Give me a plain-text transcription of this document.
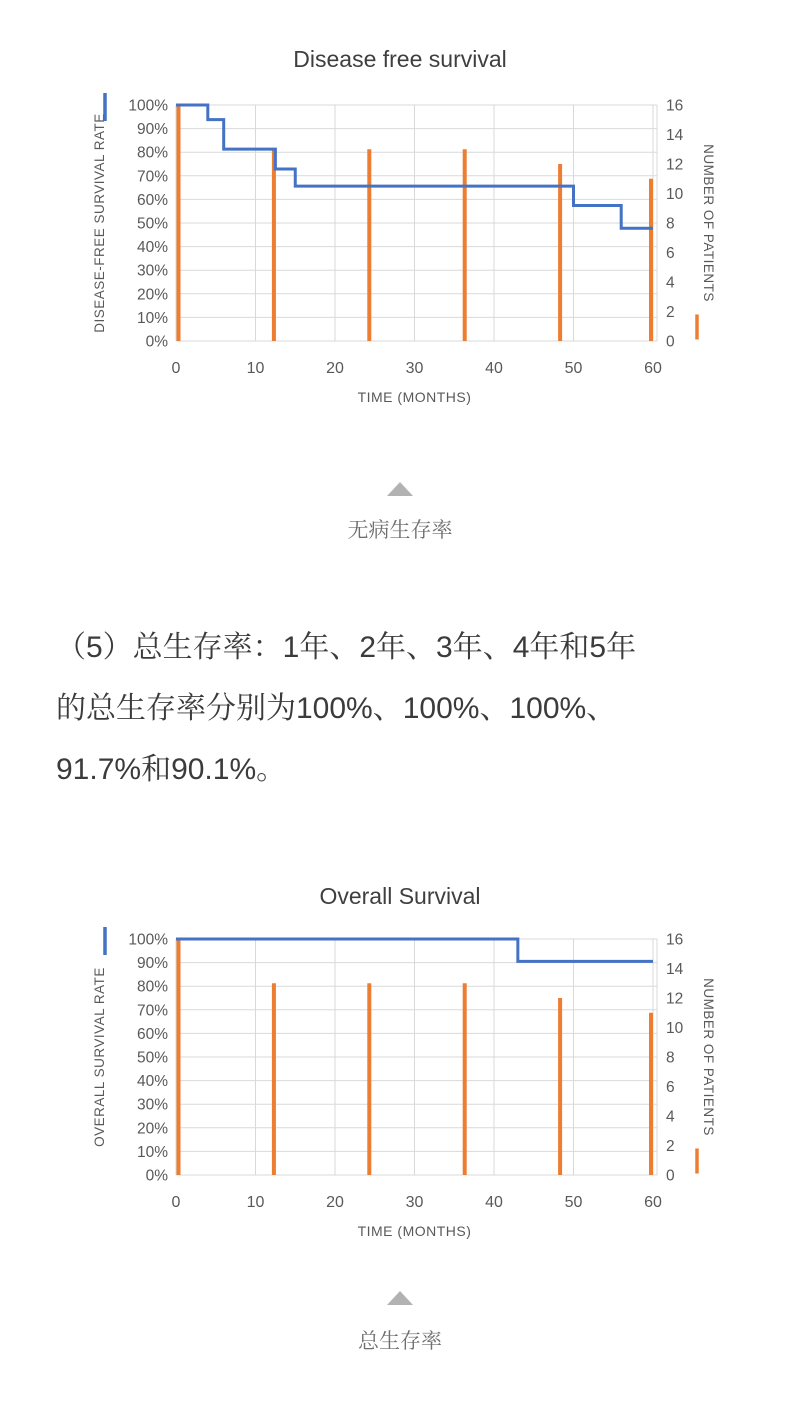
Disease free survival
0%
10%
20%
30%
40%
50%
60%
70%
80%
90%
100%
0
2
4
6
8
10
12
14
16
0	10	20	30	40	50	60
DISEASE-FREE SURVIVAL RATE	NUMBER OF PATIENTS
TIME (MONTHS)
无病生存率
（5）总生存率：1年、2年、3年、4年和5年
的总生存率分别为100%、100%、100%、
91.7%和90.1%。
Overall Survival
0%
10%
20%
30%
40%
50%
60%
70%
80%
90%
100%
0
2
4
6
8
10
12
14
16
0	10	20	30	40	50	60
OVERALL SURVIVAL RATE	NUMBER OF PATIENTS
TIME (MONTHS)
总生存率
